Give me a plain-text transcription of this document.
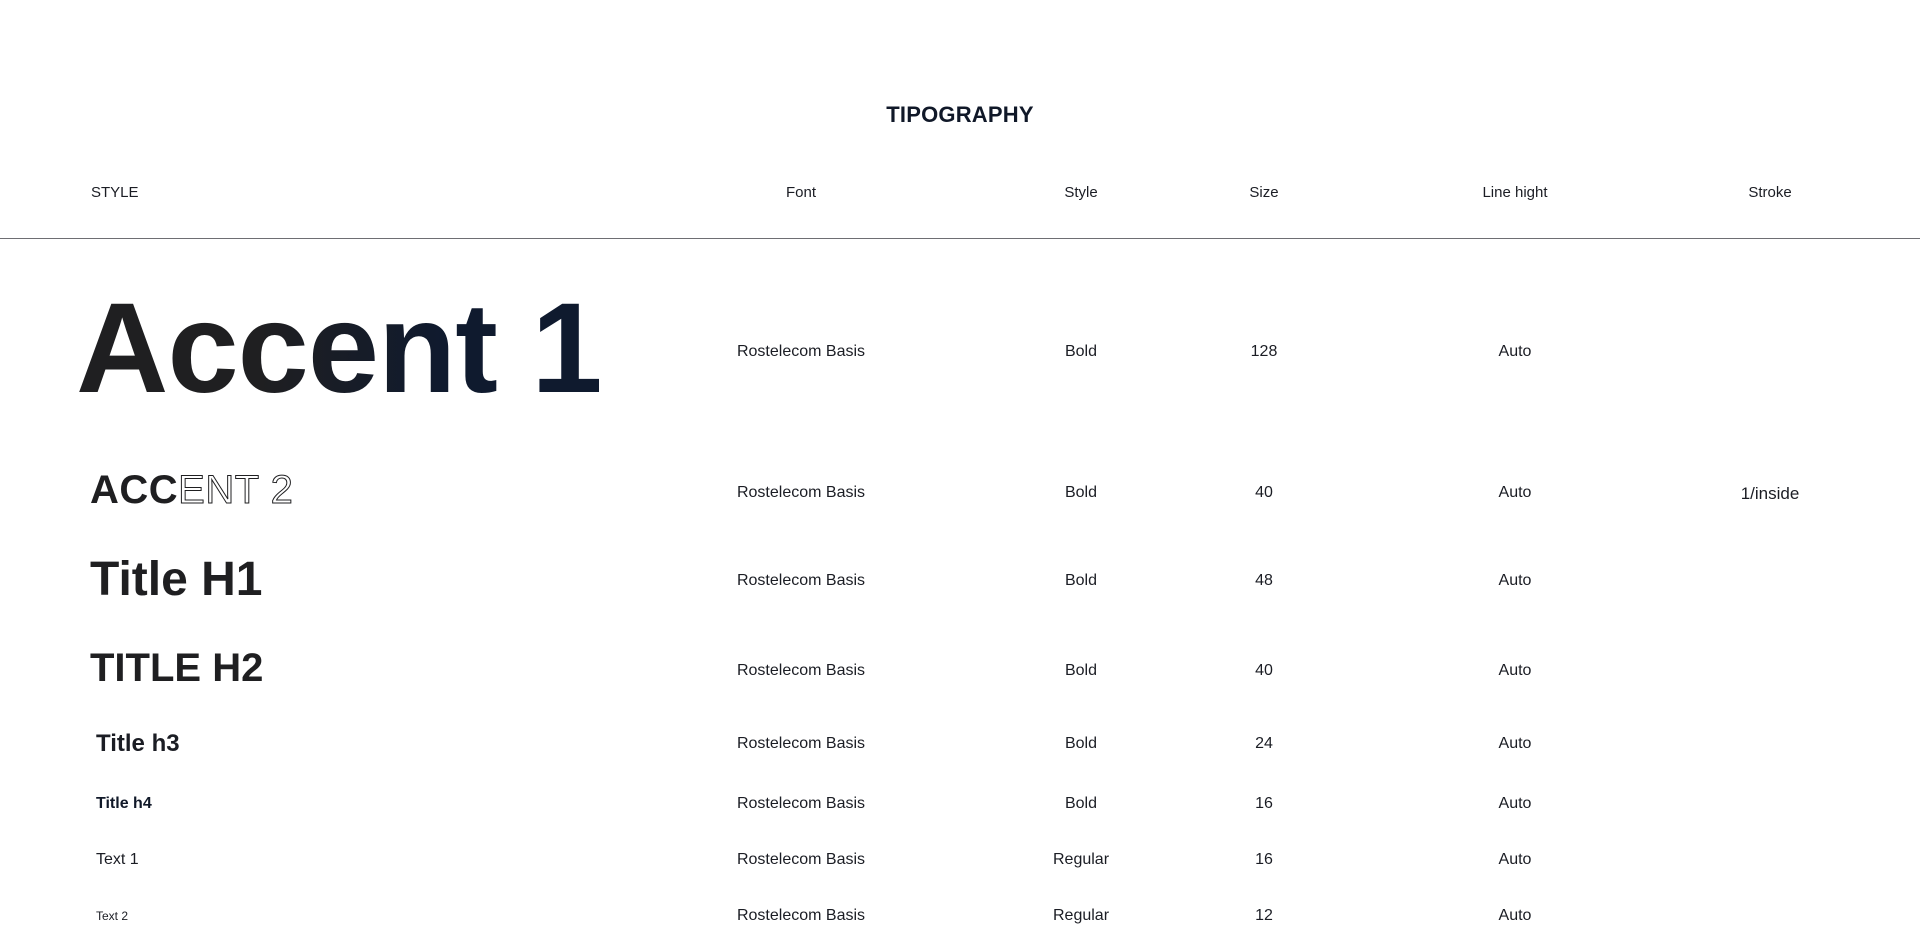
TIPOGRAPHY
STYLE	Font	Style	Size	Line hight	Stroke
Accent 1	Rostelecom Basis	Bold	128	Auto
ACCENT 2	Rostelecom Basis	Bold	40	Auto	1/inside
Title H1	Rostelecom Basis	Bold	48	Auto
TITLE H2	Rostelecom Basis	Bold	40	Auto
Title h3	Rostelecom Basis	Bold	24	Auto
Title h4	Rostelecom Basis	Bold	16	Auto
Text 1	Rostelecom Basis	Regular	16	Auto
Text 2	Rostelecom Basis	Regular	12	Auto
